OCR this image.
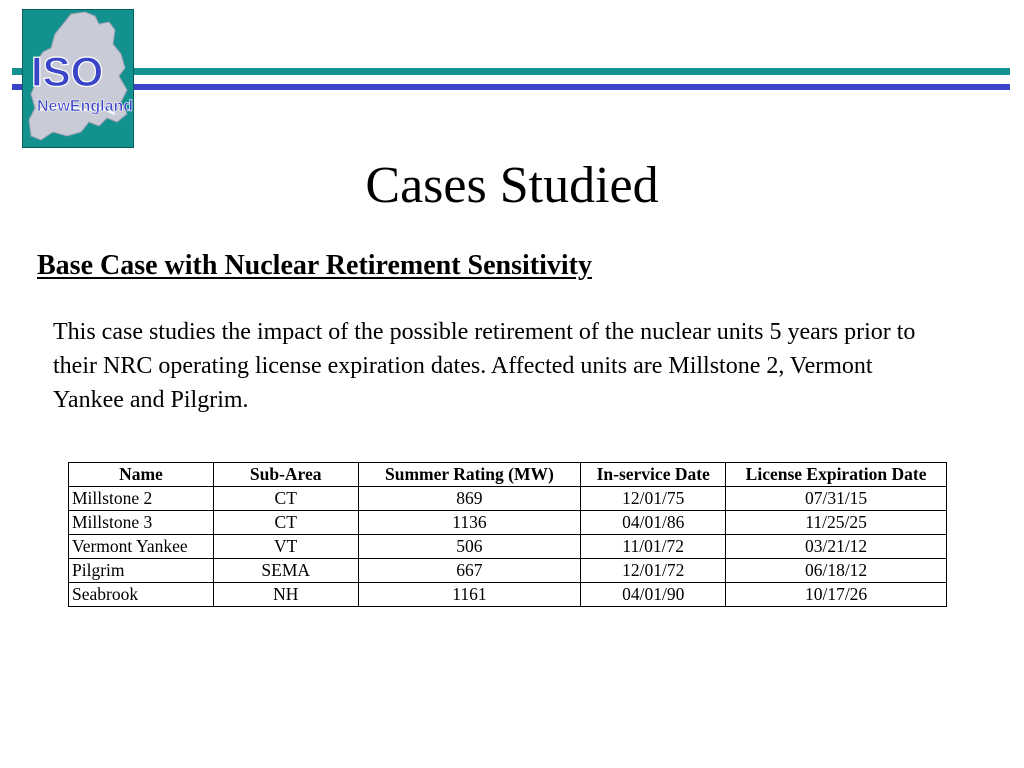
ISO
NewEngland
Cases Studied
Base Case with Nuclear Retirement Sensitivity
This case studies the impact of the possible retirement of the nuclear units 5 years prior to their NRC operating license expiration dates. Affected units are Millstone 2, Vermont Yankee and Pilgrim.
Name	Sub-Area	Summer Rating (MW)	In-service Date	License Expiration Date
Millstone 2	CT	869	12/01/75	07/31/15
Millstone 3	CT	1136	04/01/86	11/25/25
Vermont Yankee	VT	506	11/01/72	03/21/12
Pilgrim	SEMA	667	12/01/72	06/18/12
Seabrook	NH	1161	04/01/90	10/17/26
